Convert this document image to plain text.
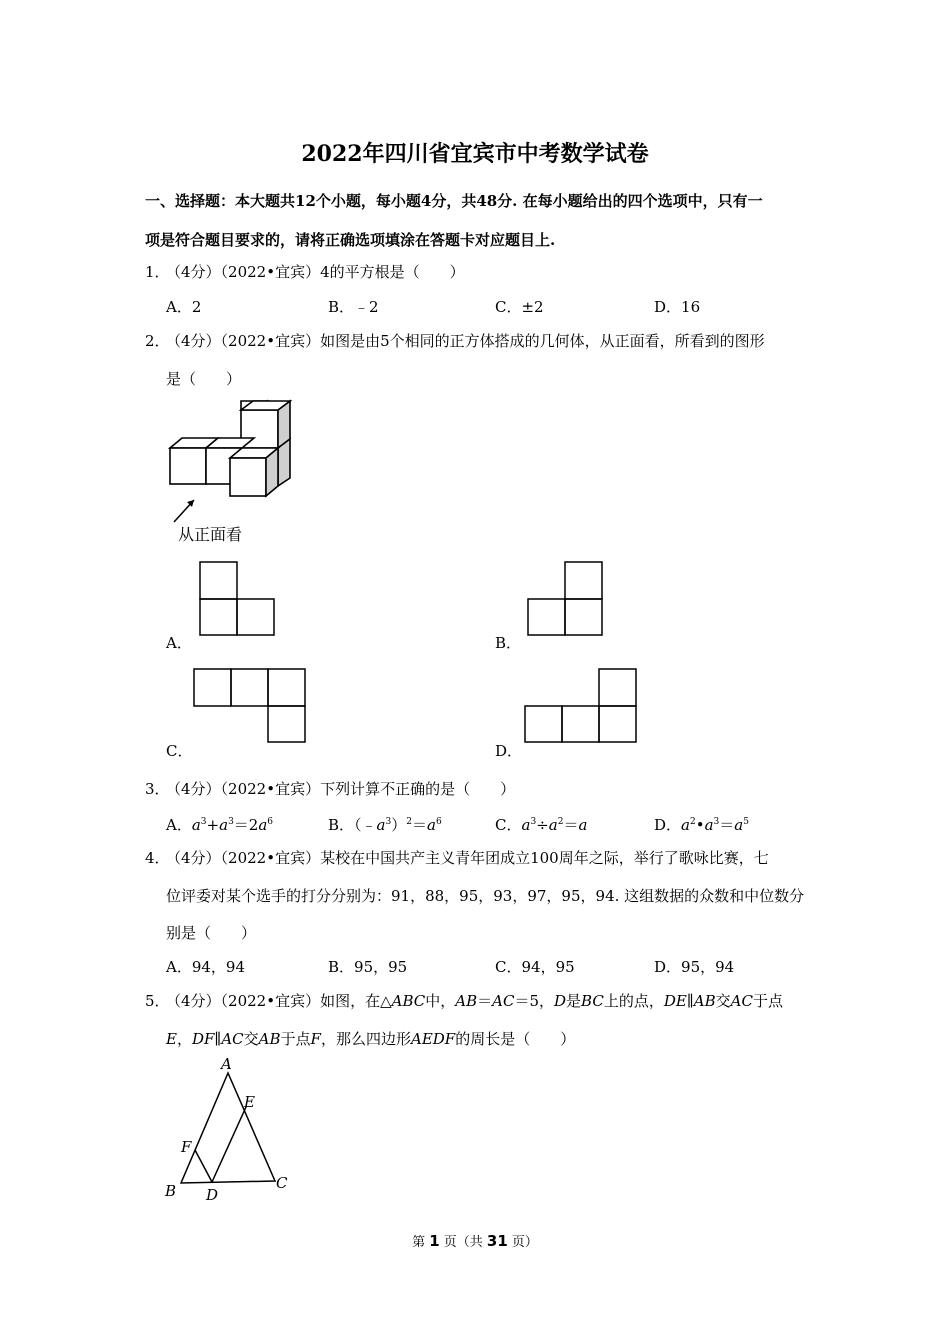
2022年四川省宜宾市中考数学试卷
一、选择题：本大题共12个小题，每小题4分，共48分. 在每小题给出的四个选项中，只有一
项是符合题目要求的，请将正确选项填涂在答题卡对应题目上.
1．
（4分）（2022•宜宾）4的平方根是（　　）
A．2	B．﹣2	C．±2	D．16
2．
（4分）（2022•宜宾）如图是由5个相同的正方体搭成的几何体，从正面看，所看到的图形
是（　　）
从正面看
A．	B．
C．	D．
3．
（4分）（2022•宜宾）下列计算不正确的是（　　）
A．$a^3+a^3=2a^6$	B．$(﹣a^3)^2=a^6$	C．$a^3\div a^2=a$	D．$a^2•a^3=a^5$
4．
（4分）（2022•宜宾）某校在中国共产主义青年团成立100周年之际，举行了歌咏比赛，七
位评委对某个选手的打分分别为：91，88，95，93，97，95，94. 这组数据的众数和中位数分
别是（　　）
A．94，94	B．95，95	C．94，95	D．95，94
5．
（4分）（2022•宜宾）如图，在△ABC中，AB＝AC＝5，D是BC上的点，DE∥AB交AC于点
E，DF∥AC交AB于点F，那么四边形AEDF的周长是（　　）
A
E
F
B D
C
第 1 页（共 31 页）
